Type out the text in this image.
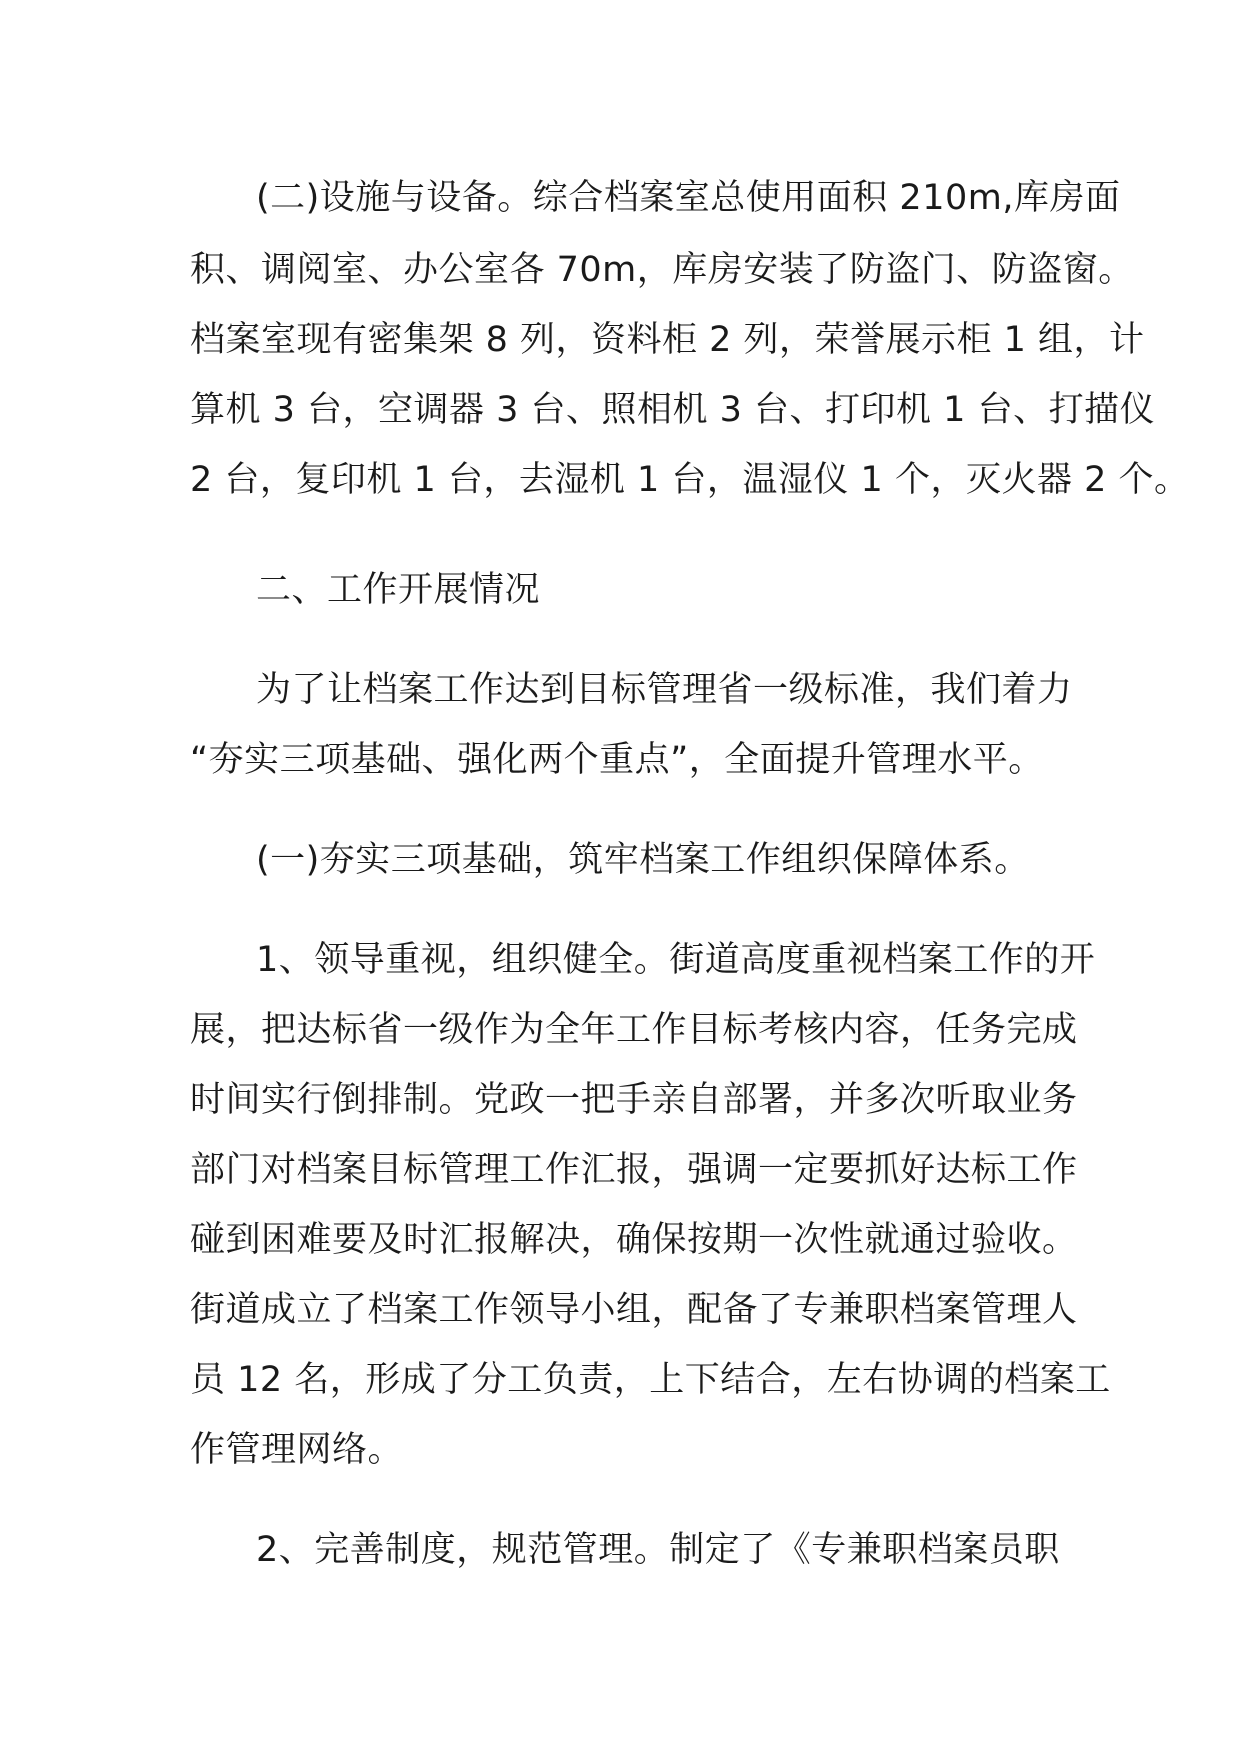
(二)设施与设备。综合档案室总使用面积 210m,库房面
积、调阅室、办公室各 70m，库房安装了防盗门、防盗窗。
档案室现有密集架 8 列，资料柜 2 列，荣誉展示柜 1 组，计
算机 3 台，空调器 3 台、照相机 3 台、打印机 1 台、打描仪
2 台，复印机 1 台，去湿机 1 台，温湿仪 1 个，灭火器 2 个。
二、工作开展情况
为了让档案工作达到目标管理省一级标准，我们着力
“夯实三项基础、强化两个重点”，全面提升管理水平。
(一)夯实三项基础，筑牢档案工作组织保障体系。
1、领导重视，组织健全。街道高度重视档案工作的开
展，把达标省一级作为全年工作目标考核内容，任务完成
时间实行倒排制。党政一把手亲自部署，并多次听取业务
部门对档案目标管理工作汇报，强调一定要抓好达标工作
碰到困难要及时汇报解决，确保按期一次性就通过验收。
街道成立了档案工作领导小组，配备了专兼职档案管理人
员 12 名，形成了分工负责，上下结合，左右协调的档案工
作管理网络。
2、完善制度，规范管理。制定了《专兼职档案员职
